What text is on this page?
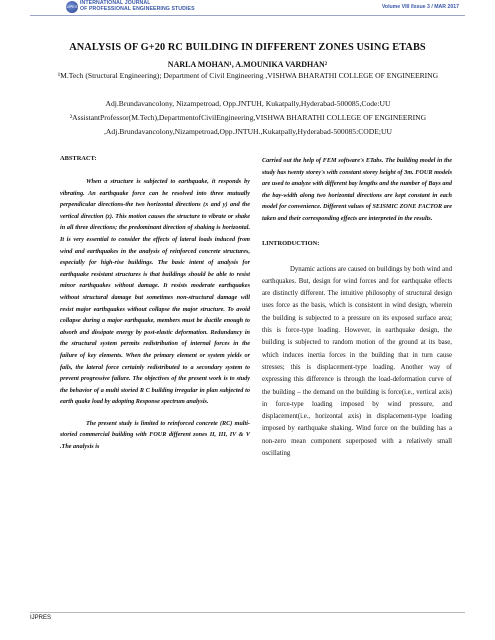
IJPES
INTERNATIONAL JOURNAL
OF PROFESSIONAL ENGINEERING STUDIES	Volume VIII /Issue 3 / MAR 2017
ANALYSIS OF G+20 RC BUILDING IN DIFFERENT ZONES USING ETABS
NARLA MOHAN¹, A.MOUNIKA VARDHAN²
¹M.Tech (Structural Engineering); Department of Civil Engineering ,VISHWA BHARATHI COLLEGE OF ENGINEERING
Adj.Brundavancolony, Nizampetroad, Opp.JNTUH, Kukatpally,Hyderabad-500085,Code:UU
²AssistantProfessor(M.Tech),DepartmentofCivilEngineering,VISHWA BHARATHI COLLEGE OF ENGINEERING ,Adj.Brundavancolony,Nizampetroad,Opp.JNTUH.,Kukatpally,Hyderabad-500085:CODE;UU
ABSTRACT:

When a structure is subjected to earthquake, it responds by vibrating. An earthquake force can be resolved into three mutually perpendicular directions-the two horizontal directions (x and y) and the vertical direction (z). This motion causes the structure to vibrate or shake in all three directions; the predominant direction of shaking is horizontal. It is very essential to consider the effects of lateral loads induced from wind and earthquakes in the analysis of reinforced concrete structures, especially for high-rise buildings. The basic intent of analysis for earthquake resistant structures is that buildings should be able to resist minor earthquakes without damage. It resists moderate earthquakes without structural damage but sometimes non-structural damage will resist major earthquakes without collapse the major structure. To avoid collapse during a major earthquake, members must be ductile enough to absorb and dissipate energy by post-elastic deformation. Redundancy in the structural system permits redistribution of internal forces in the failure of key elements. When the primary element or system yields or fails, the lateral force certainly redistributed to a secondary system to prevent progressive failure. The objectives of the present work is to study the behavior of a multi storied R C building irregular in plan subjected to earth quake load by adopting Response spectrum analysis.

The present study is limited to reinforced concrete (RC) multi-storied commercial building with FOUR different zones II, III, IV & V .The analysis is

Carried out the help of FEM software's ETabs. The building model in the study has twenty storey's with constant storey height of 3m. FOUR models are used to analyze with different bay lengths and the number of Bays and the bay-width along two horizontal directions are kept constant in each model for convenience. Different values of SEISMIC ZONE FACTOR are taken and their corresponding effects are interpreted in the results.

I.INTRODUCTION:

Dynamic actions are caused on buildings by both wind and earthquakes. But, design for wind forces and for earthquake effects are distinctly different. The intuitive philosophy of structural design uses force as the basis, which is consistent in wind design, wherein the building is subjected to a pressure on its exposed surface area; this is force-type loading. However, in earthquake design, the building is subjected to random motion of the ground at its base, which induces inertia forces in the building that in turn cause stresses; this is displacement-type loading. Another way of expressing this difference is through the load-deformation curve of the building – the demand on the building is force(i.e., vertical axis) in force-type loading imposed by wind pressure, and displacement(i.e., horizontal axis) in displacement-type loading imposed by earthquake shaking. Wind force on the building has a non-zero mean component superposed with a relatively small oscillating

IJPRES
